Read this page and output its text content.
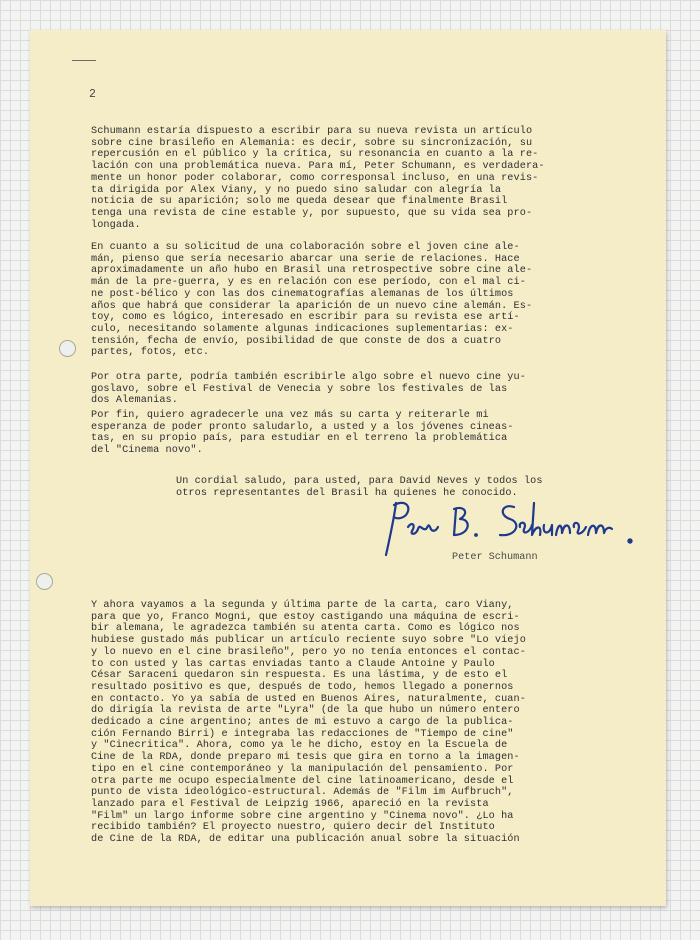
2
Schumann estaría dispuesto a escribir para su nueva revista un artículo
sobre cine brasileño en Alemania: es decir, sobre su sincronización, su
repercusión en el público y la crítica, su resonancia en cuanto a la re-
lación con una problemática nueva. Para mí, Peter Schumann, es verdadera-
mente un honor poder colaborar, como corresponsal incluso, en una revis-
ta dirigida por Alex Viany, y no puedo sino saludar con alegría la
noticia de su aparición; solo me queda desear que finalmente Brasil
tenga una revista de cine estable y, por supuesto, que su vida sea pro-
longada.
En cuanto a su solicitud de una colaboración sobre el joven cine ale-
mán, pienso que sería necesario abarcar una serie de relaciones. Hace
aproximadamente un año hubo en Brasil una retrospective sobre cine ale-
mán de la pre-guerra, y es en relación con ese período, con el mal ci-
ne post-bélico y con las dos cinematografías alemanas de los últimos
años que habrá que considerar la aparición de un nuevo cine alemán. Es-
toy, como es lógico, interesado en escribir para su revista ese artí-
culo, necesitando solamente algunas indicaciones suplementarias: ex-
tensión, fecha de envío, posibilidad de que conste de dos a cuatro
partes, fotos, etc.
Por otra parte, podría también escribirle algo sobre el nuevo cine yu-
goslavo, sobre el Festival de Venecia y sobre los festivales de las
dos Alemanias.
Por fin, quiero agradecerle una vez más su carta y reiterarle mi
esperanza de poder pronto saludarlo, a usted y a los jóvenes cineas-
tas, en su propio país, para estudiar en el terreno la problemática
del "Cinema novo".
Un cordial saludo, para usted, para David Neves y todos los
otros representantes del Brasil ha quienes he conocido.
Peter Schumann
Y ahora vayamos a la segunda y última parte de la carta, caro Viany,
para que yo, Franco Mogni, que estoy castigando una máquina de escri-
bir alemana, le agradezca también su atenta carta. Como es lógico nos
hubiese gustado más publicar un artículo reciente suyo sobre "Lo viejo
y lo nuevo en el cine brasileño", pero yo no tenía entonces el contac-
to con usted y las cartas enviadas tanto a Claude Antoine y Paulo
César Saraceni quedaron sin respuesta. Es una lástima, y de esto el
resultado positivo es que, después de todo, hemos llegado a ponernos
en contacto. Yo ya sabía de usted en Buenos Aires, naturalmente, cuan-
do dirigía la revista de arte "Lyra" (de la que hubo un número entero
dedicado a cine argentino; antes de mi estuvo a cargo de la publica-
ción Fernando Birri) e integraba las redacciones de "Tiempo de cine"
y "Cinecritica". Ahora, como ya le he dicho, estoy en la Escuela de
Cine de la RDA, donde preparo mi tesis que gira en torno a la imagen-
tipo en el cine contemporáneo y la manipulación del pensamiento. Por
otra parte me ocupo especialmente del cine latinoamericano, desde el
punto de vista ideológico-estructural. Además de "Film im Aufbruch",
lanzado para el Festival de Leipzig 1966, apareció en la revista
"Film" un largo informe sobre cine argentino y "Cinema novo". ¿Lo ha
recibido también? El proyecto nuestro, quiero decir del Instituto
de Cine de la RDA, de editar una publicación anual sobre la situación
